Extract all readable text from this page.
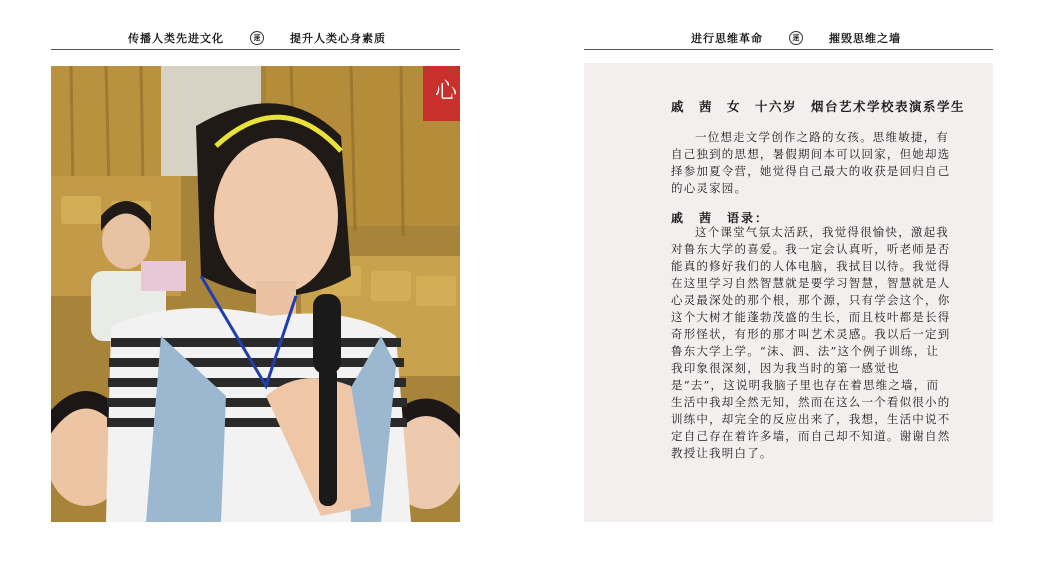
传播人类先进文化	蒾	提升人类心身素质	进行思维革命	蒾	摧毁思维之墙
心
戚　茜　女　十六岁　烟台艺术学校表演系学生

一位想走文学创作之路的女孩。思维敏捷，有自己独到的思想，暑假期间本可以回家，但她却选择参加夏令营，她觉得自己最大的收获是回归自己的心灵家园。

戚　茜　语录：

这个课堂气氛太活跃，我觉得很愉快，激起我对鲁东大学的喜爱。我一定会认真听，听老师是否能真的修好我们的人体电脑，我拭目以待。我觉得在这里学习自然智慧就是要学习智慧，智慧就是人心灵最深处的那个根，那个源，只有学会这个，你这个大树才能蓬勃茂盛的生长，而且枝叶都是长得奇形怪状，有形的那才叫艺术灵感。我以后一定到鲁东大学上学。“沫、泗、法”这个例子训练，让我印象很深刻，因为我当时的第一感觉也是“去”，这说明我脑子里也存在着思维之墙，而生活中我却全然无知，然而在这么一个看似很小的训练中，却完全的反应出来了，我想，生活中说不定自己存在着许多墙，而自己却不知道。谢谢自然教授让我明白了。
